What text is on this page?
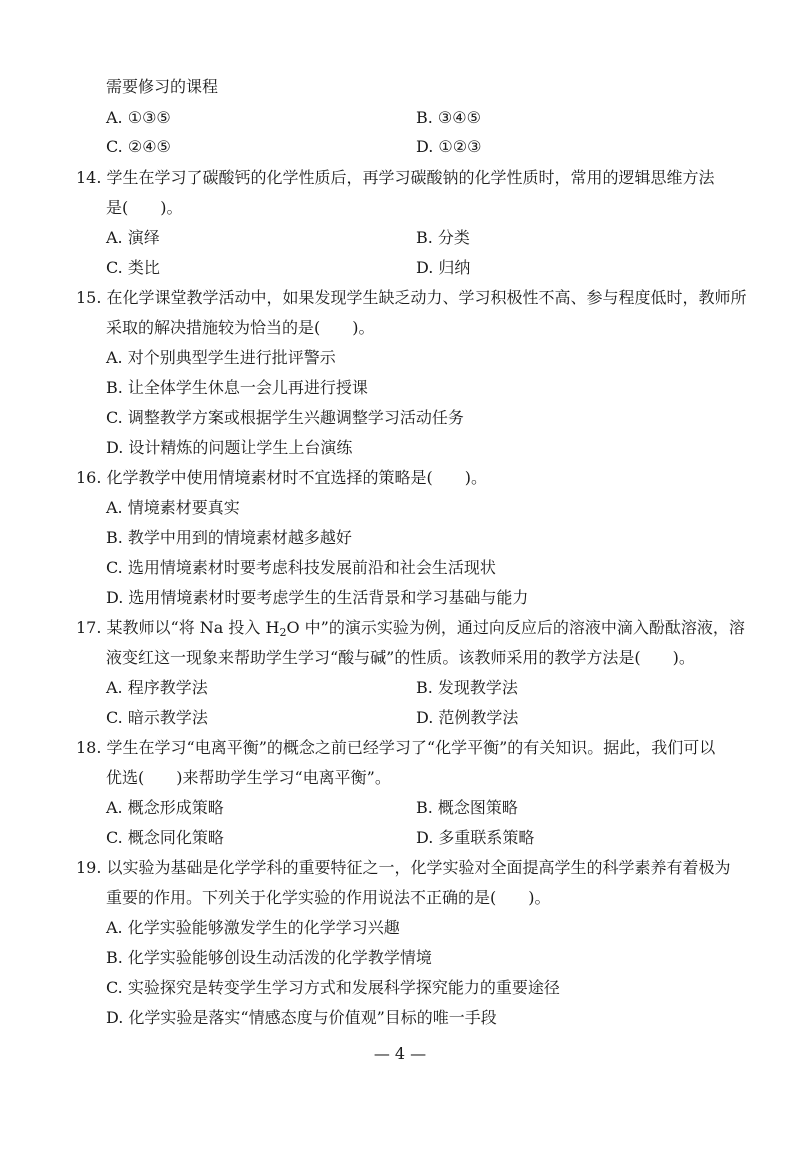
需要修习的课程
A. ①③⑤	B. ③④⑤
C. ②④⑤	D. ①②③
14. 学生在学习了碳酸钙的化学性质后，再学习碳酸钠的化学性质时，常用的逻辑思维方法
是(　　)。
A. 演绎	B. 分类
C. 类比	D. 归纳
15. 在化学课堂教学活动中，如果发现学生缺乏动力、学习积极性不高、参与程度低时，教师所
采取的解决措施较为恰当的是(　　)。
A. 对个别典型学生进行批评警示
B. 让全体学生休息一会儿再进行授课
C. 调整教学方案或根据学生兴趣调整学习活动任务
D. 设计精炼的问题让学生上台演练
16. 化学教学中使用情境素材时不宜选择的策略是(　　)。
A. 情境素材要真实
B. 教学中用到的情境素材越多越好
C. 选用情境素材时要考虑科技发展前沿和社会生活现状
D. 选用情境素材时要考虑学生的生活背景和学习基础与能力
17. 某教师以“将 Na 投入 $H_2O$ 中”的演示实验为例，通过向反应后的溶液中滴入酚酞溶液，溶
液变红这一现象来帮助学生学习“酸与碱”的性质。该教师采用的教学方法是(　　)。
A. 程序教学法	B. 发现教学法
C. 暗示教学法	D. 范例教学法
18. 学生在学习“电离平衡”的概念之前已经学习了“化学平衡”的有关知识。据此，我们可以
优选(　　)来帮助学生学习“电离平衡”。
A. 概念形成策略	B. 概念图策略
C. 概念同化策略	D. 多重联系策略
19. 以实验为基础是化学学科的重要特征之一，化学实验对全面提高学生的科学素养有着极为
重要的作用。下列关于化学实验的作用说法不正确的是(　　)。
A. 化学实验能够激发学生的化学学习兴趣
B. 化学实验能够创设生动活泼的化学教学情境
C. 实验探究是转变学生学习方式和发展科学探究能力的重要途径
D. 化学实验是落实“情感态度与价值观”目标的唯一手段
— 4 —
